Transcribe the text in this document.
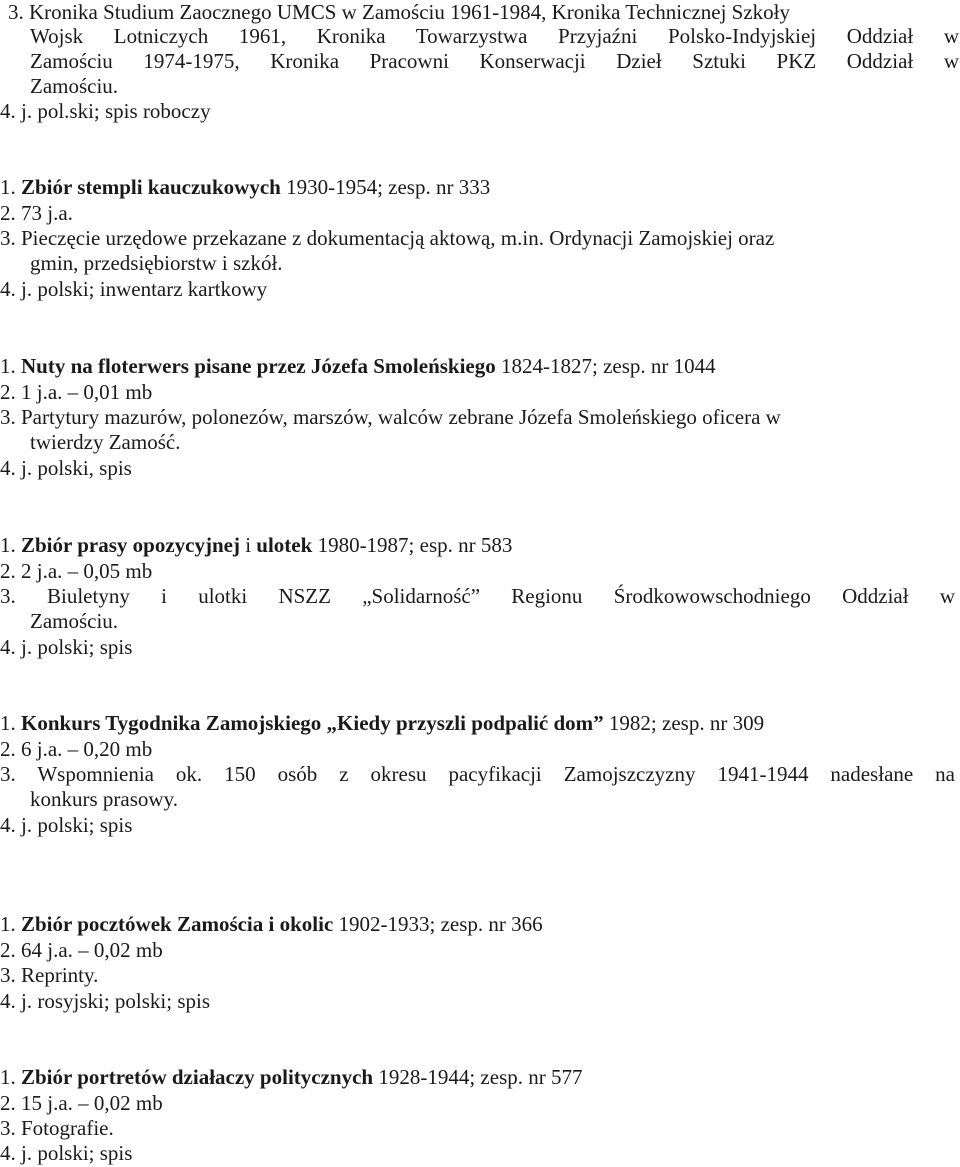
3. Kronika Studium Zaocznego UMCS w Zamościu 1961-1984, Kronika Technicznej Szkoły
Wojsk Lotniczych 1961, Kronika Towarzystwa Przyjaźni Polsko-Indyjskiej Oddział w
Zamościu 1974-1975, Kronika Pracowni Konserwacji Dzieł Sztuki PKZ Oddział w
Zamościu.
4. j. pol.ski; spis roboczy
1. Zbiór stempli kauczukowych 1930-1954; zesp. nr 333
2. 73 j.a.
3. Pieczęcie urzędowe przekazane z dokumentacją aktową, m.in. Ordynacji Zamojskiej oraz
gmin, przedsiębiorstw i szkół.
4. j. polski; inwentarz kartkowy
1. Nuty na floterwers pisane przez Józefa Smoleńskiego 1824-1827; zesp. nr 1044
2. 1 j.a. – 0,01 mb
3. Partytury mazurów, polonezów, marszów, walców zebrane Józefa Smoleńskiego oficera w
twierdzy Zamość.
4. j. polski, spis
1. Zbiór prasy opozycyjnej i ulotek 1980-1987; esp. nr 583
2. 2 j.a. – 0,05 mb
3. Biuletyny i ulotki NSZZ „Solidarność” Regionu Środkowowschodniego Oddział w
Zamościu.
4. j. polski; spis
1. Konkurs Tygodnika Zamojskiego „Kiedy przyszli podpalić dom” 1982; zesp. nr 309
2. 6 j.a. – 0,20 mb
3. Wspomnienia ok. 150 osób z okresu pacyfikacji Zamojszczyzny 1941-1944 nadesłane na
konkurs prasowy.
4. j. polski; spis
1. Zbiór pocztówek Zamościa i okolic 1902-1933; zesp. nr 366
2. 64 j.a. – 0,02 mb
3. Reprinty.
4. j. rosyjski; polski; spis
1. Zbiór portretów działaczy politycznych 1928-1944; zesp. nr 577
2. 15 j.a. – 0,02 mb
3. Fotografie.
4. j. polski; spis
